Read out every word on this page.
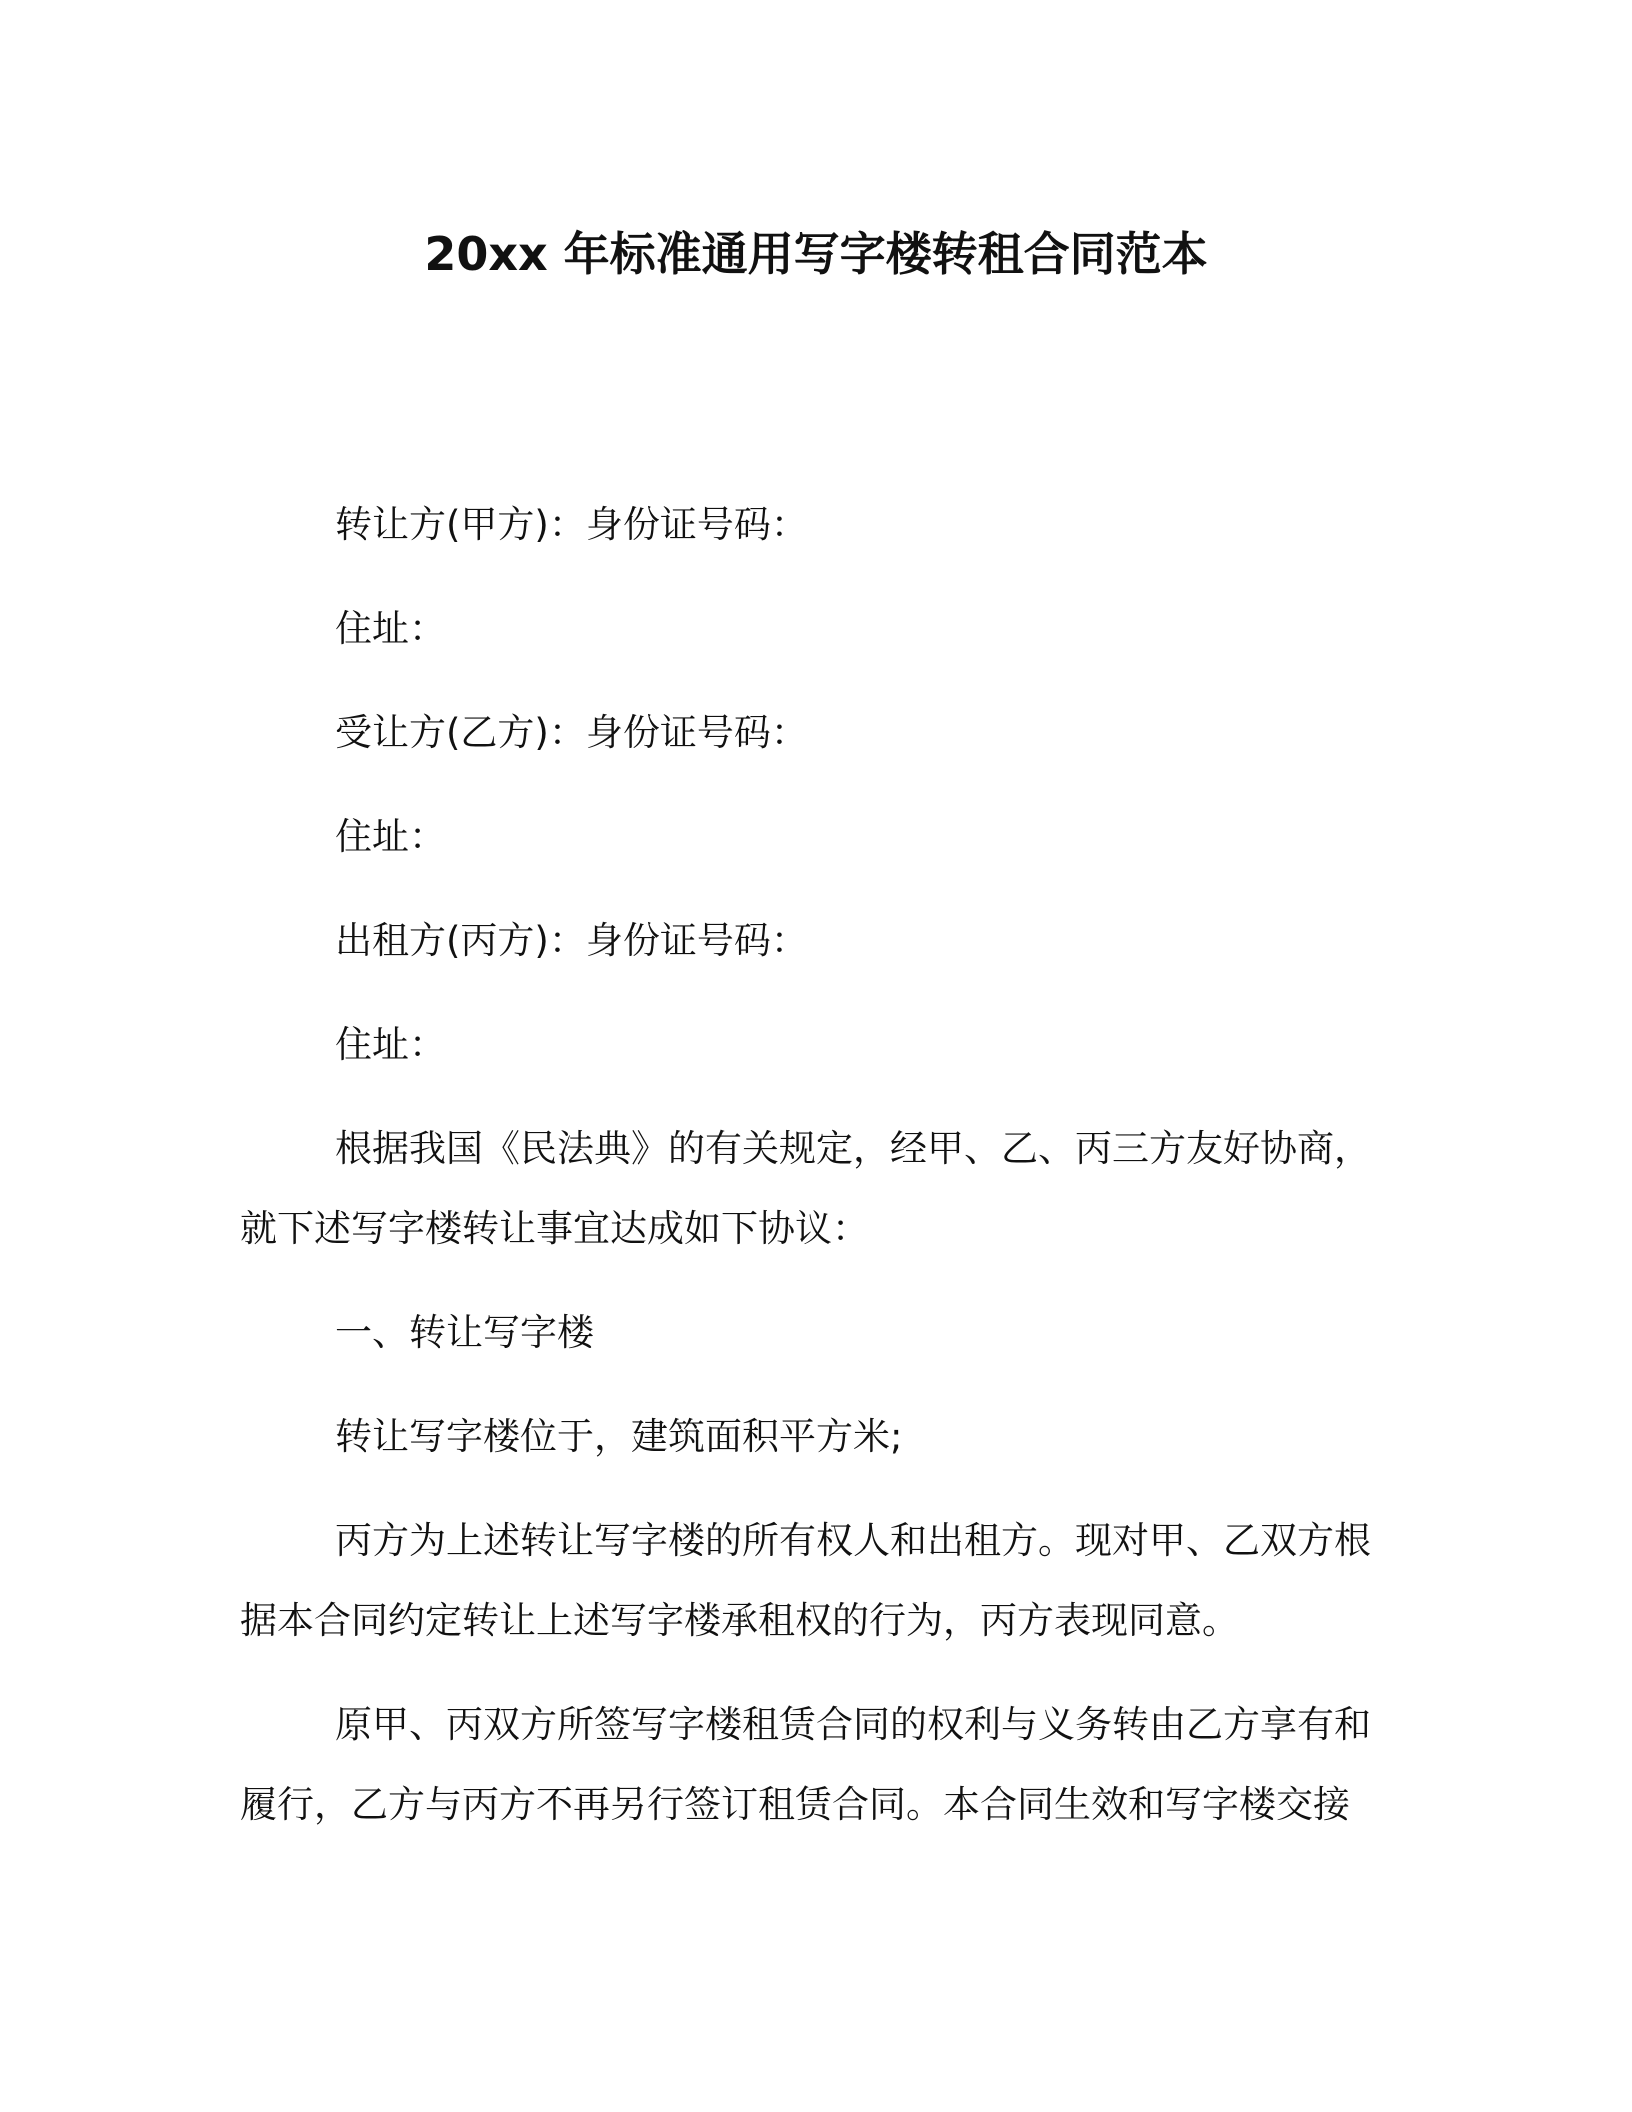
20xx 年标准通用写字楼转租合同范本
转让方(甲方)：身份证号码：
住址：
受让方(乙方)：身份证号码：
住址：
出租方(丙方)：身份证号码：
住址：
根据我国《民法典》的有关规定，经甲、乙、丙三方友好协商，
就下述写字楼转让事宜达成如下协议：
一、转让写字楼
转让写字楼位于，建筑面积平方米;
丙方为上述转让写字楼的所有权人和出租方。现对甲、乙双方根
据本合同约定转让上述写字楼承租权的行为，丙方表现同意。
原甲、丙双方所签写字楼租赁合同的权利与义务转由乙方享有和
履行，乙方与丙方不再另行签订租赁合同。本合同生效和写字楼交接
